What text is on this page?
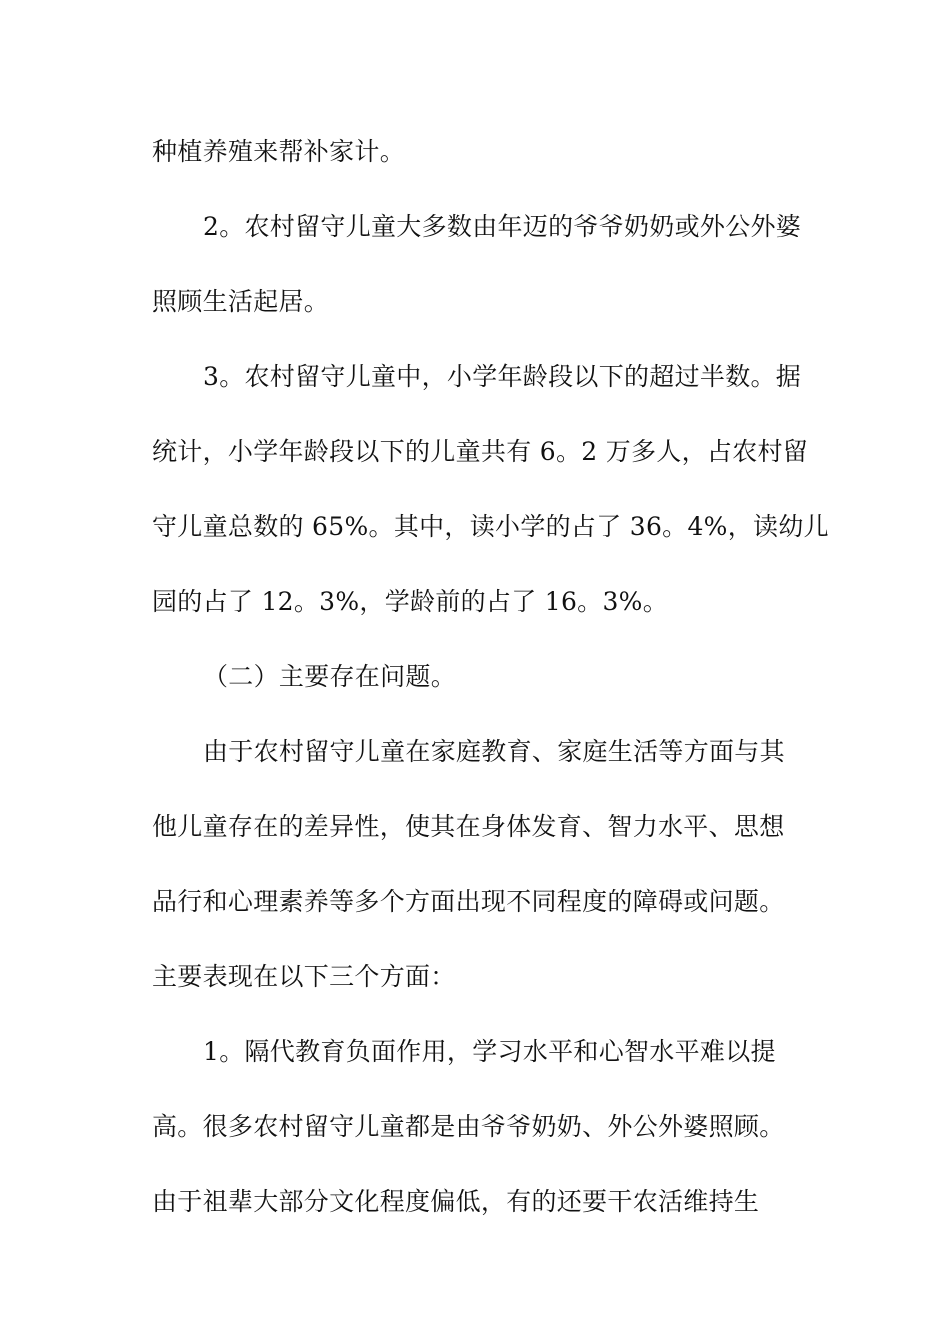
种植养殖来帮补家计。
2。农村留守儿童大多数由年迈的爷爷奶奶或外公外婆
照顾生活起居。
3。农村留守儿童中，小学年龄段以下的超过半数。据
统计，小学年龄段以下的儿童共有 6。2 万多人，占农村留
守儿童总数的 65%。其中，读小学的占了 36。4%，读幼儿
园的占了 12。3%，学龄前的占了 16。3%。
（二）主要存在问题。
由于农村留守儿童在家庭教育、家庭生活等方面与其
他儿童存在的差异性，使其在身体发育、智力水平、思想
品行和心理素养等多个方面出现不同程度的障碍或问题。
主要表现在以下三个方面：
1。隔代教育负面作用，学习水平和心智水平难以提
高。很多农村留守儿童都是由爷爷奶奶、外公外婆照顾。
由于祖辈大部分文化程度偏低，有的还要干农活维持生
